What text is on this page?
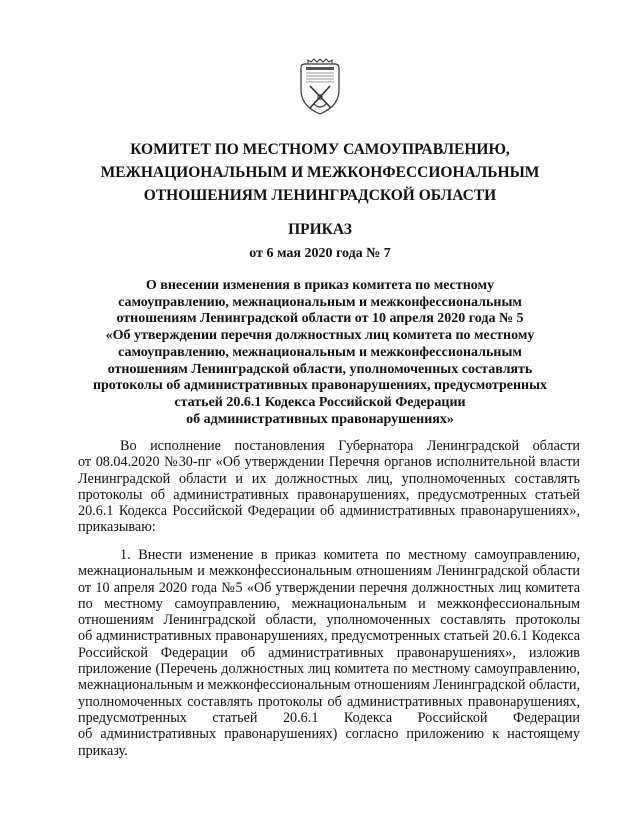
КОМИТЕТ ПО МЕСТНОМУ САМОУПРАВЛЕНИЮ,
МЕЖНАЦИОНАЛЬНЫМ И МЕЖКОНФЕССИОНАЛЬНЫМ
ОТНОШЕНИЯМ ЛЕНИНГРАДСКОЙ ОБЛАСТИ
ПРИКАЗ
от 6 мая 2020 года № 7
О внесении изменения в приказ комитета по местному
самоуправлению, межнациональным и межконфессиональным
отношениям Ленинградской области от 10 апреля 2020 года № 5
«Об утверждении перечня должностных лиц комитета по местному
самоуправлению, межнациональным и межконфессиональным
отношениям Ленинградской области, уполномоченных составлять
протоколы об административных правонарушениях, предусмотренных
статьей 20.6.1 Кодекса Российской Федерации
об административных правонарушениях»
Во исполнение постановления Губернатора Ленинградской области
от 08.04.2020 №30-пг «Об утверждении Перечня органов исполнительной власти
Ленинградской области и их должностных лиц, уполномоченных составлять
протоколы об административных правонарушениях, предусмотренных статьей
20.6.1 Кодекса Российской Федерации об административных правонарушениях»,
приказываю:
1. Внести изменение в приказ комитета по местному самоуправлению,
межнациональным и межконфессиональным отношениям Ленинградской области
от 10 апреля 2020 года №5 «Об утверждении перечня должностных лиц комитета
по местному самоуправлению, межнациональным и межконфессиональным
отношениям Ленинградской области, уполномоченных составлять протоколы
об административных правонарушениях, предусмотренных статьей 20.6.1 Кодекса
Российской Федерации об административных правонарушениях», изложив
приложение (Перечень должностных лиц комитета по местному самоуправлению,
межнациональным и межконфессиональным отношениям Ленинградской области,
уполномоченных составлять протоколы об административных правонарушениях,
предусмотренных статьей 20.6.1 Кодекса Российской Федерации
об административных правонарушениях) согласно приложению к настоящему
приказу.
